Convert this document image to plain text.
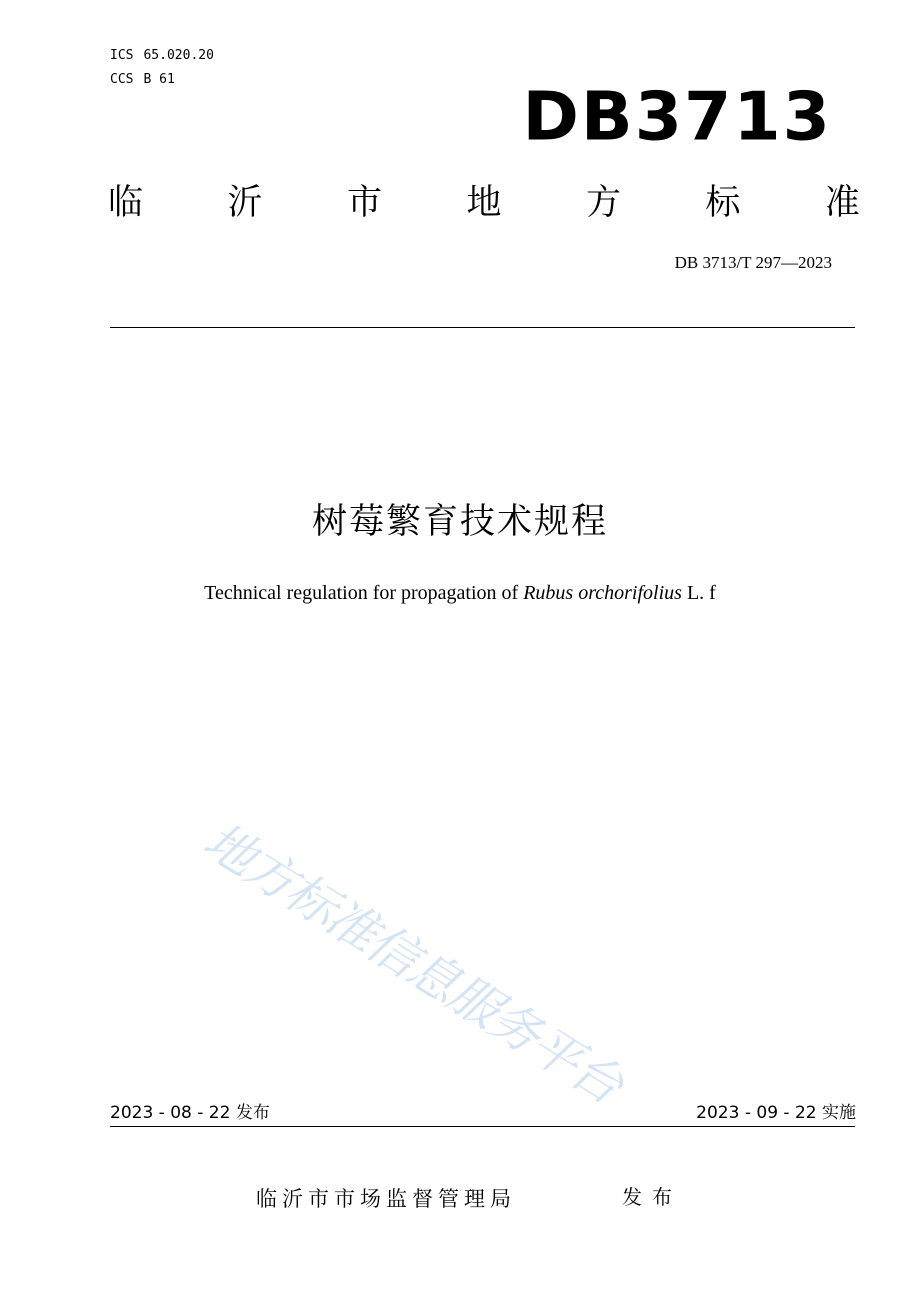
ICS 65.020.20
CCS B 61	DB3713
临 沂 市 地 方 标 准
DB 3713/T 297—2023
树莓繁育技术规程
Technical regulation for propagation of Rubus orchorifolius L. f
地方标准信息服务平台
2023 - 08 - 22 发布	2023 - 09 - 22 实施
临沂市市场监督管理局	发布
